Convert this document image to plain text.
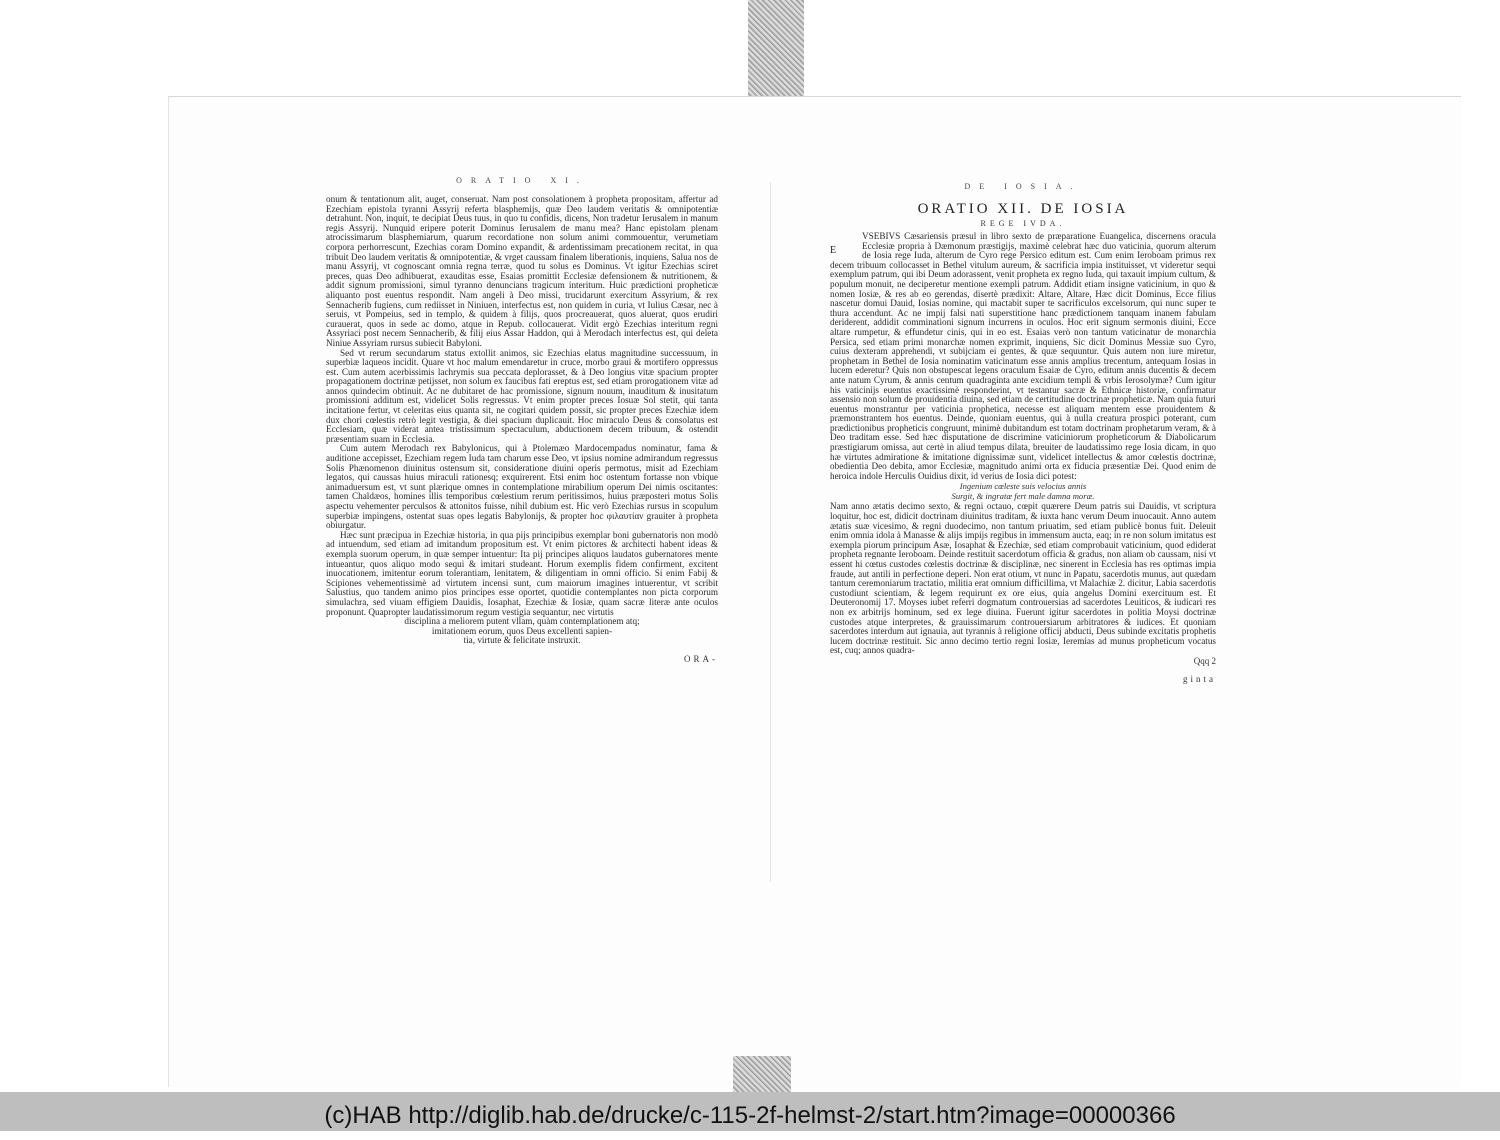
ORATIO XI.

onum & tentationum alit, auget, conseruat. Nam post consolationem à propheta propositam, affertur ad Ezechiam epistola tyranni Assyrij referta blasphemijs, quæ Deo laudem veritatis & omnipotentiæ detrahunt. Non, inquit, te decipiat Deus tuus, in quo tu confidis, dicens, Non tradetur Ierusalem in manum regis Assyrij. Nunquid eripere poterit Dominus Ierusalem de manu mea? Hanc epistolam plenam atrocissimarum blasphemiarum, quarum recordatione non solum animi commouentur, verumetiam corpora perhorrescunt, Ezechias coram Domino expandit, & ardentissimam precationem recitat, in qua tribuit Deo laudem veritatis & omnipotentiæ, & vrget caussam finalem liberationis, inquiens, Salua nos de manu Assyrij, vt cognoscant omnia regna terræ, quod tu solus es Dominus. Vt igitur Ezechias sciret preces, quas Deo adhibuerat, exauditas esse, Esaias promittit Ecclesiæ defensionem & nutritionem, & addit signum promissioni, simul tyranno denuncians tragicum interitum. Huic prædictioni propheticæ aliquanto post euentus respondit. Nam angeli à Deo missi, trucidarunt exercitum Assyrium, & rex Sennacherib fugiens, cum rediisset in Niniuen, interfectus est, non quidem in curia, vt Iulius Cæsar, nec à seruis, vt Pompeius, sed in templo, & quidem à filijs, quos procreauerat, quos aluerat, quos erudiri curauerat, quos in sede ac domo, atque in Repub. collocauerat. Vidit ergò Ezechias interitum regni Assyriaci post necem Sennacherib, & filij eius Assar Haddon, qui à Merodach interfectus est, qui deleta Niniue Assyriam rursus subiecit Babyloni.

Sed vt rerum secundarum status extollit animos, sic Ezechias elatus magnitudine successuum, in superbiæ laqueos incidit. Quare vt hoc malum emendaretur in cruce, morbo graui & mortifero oppressus est. Cum autem acerbissimis lachrymis sua peccata deplorasset, & à Deo longius vitæ spacium propter propagationem doctrinæ petijsset, non solum ex faucibus fati ereptus est, sed etiam prorogationem vitæ ad annos quindecim obtinuit. Ac ne dubitaret de hac promissione, signum nouum, inauditum & inusitatum promissioni additum est, videlicet Solis regressus. Vt enim propter preces Iosuæ Sol stetit, qui tanta incitatione fertur, vt celeritas eius quanta sit, ne cogitari quidem possit, sic propter preces Ezechiæ idem dux chori cœlestis retrò legit vestigia, & diei spacium duplicauit. Hoc miraculo Deus & consolatus est Ecclesiam, quæ viderat antea tristissimum spectaculum, abductionem decem tribuum, & ostendit præsentiam suam in Ecclesia.

Cum autem Merodach rex Babylonicus, qui à Ptolemæo Mardocempadus nominatur, fama & auditione accepisset, Ezechiam regem Iuda tam charum esse Deo, vt ipsius nomine admirandum regressus Solis Phænomenon diuinitus ostensum sit, consideratione diuini operis permotus, misit ad Ezechiam legatos, qui caussas huius miraculi rationesq; exquirerent. Etsi enim hoc ostentum fortasse non vbique animaduersum est, vt sunt plærique omnes in contemplatione mirabilium operum Dei nimis oscitantes: tamen Chaldæos, homines illis temporibus cœlestium rerum peritissimos, huius præposteri motus Solis aspectu vehementer perculsos & attonitos fuisse, nihil dubium est. Hic verò Ezechias rursus in scopulum superbiæ impingens, ostentat suas opes legatis Babylonijs, & propter hoc φιλαυτίαν grauiter à propheta obiurgatur.

Hæc sunt præcipua in Ezechiæ historia, in qua pijs principibus exemplar boni gubernatoris non modò ad intuendum, sed etiam ad imitandum propositum est. Vt enim pictores & architecti habent ideas & exempla suorum operum, in quæ semper intuentur: Ita pij principes aliquos laudatos gubernatores mente intueantur, quos aliquo modo sequi & imitari studeant. Horum exemplis fidem confirment, excitent inuocationem, imitentur eorum tolerantiam, lenitatem, & diligentiam in omni officio. Si enim Fabij & Scipiones vehementissimè ad virtutem incensi sunt, cum maiorum imagines intuerentur, vt scribit Salustius, quo tandem animo pios principes esse oportet, quotidie contemplantes non picta corporum simulachra, sed viuam effigiem Dauidis, Iosaphat, Ezechiæ & Iosiæ, quam sacræ literæ ante oculos proponunt. Quapropter laudatissimorum regum vestigia sequantur, nec virtutis

disciplina a meliorem putent vllam, quàm contemplationem atq;
imitationem eorum, quos Deus excellenti sapien-
tia, virtute & felicitate instruxit.
ORA-
DE IOSIA.
ORATIO XII. DE IOSIA
REGE IVDA.
E

VSEBIVS Cæsariensis præsul in libro sexto de præparatione Euangelica, discernens oracula Ecclesiæ propria à Dæmonum præstigijs, maximè celebrat hæc duo vaticinia, quorum alterum de Iosia rege Iuda, alterum de Cyro rege Persico editum est. Cum enim Ieroboam primus rex decem tribuum collocasset in Bethel vitulum aureum, & sacrificia impia instituisset, vt videretur sequi exemplum patrum, qui ibi Deum adorassent, venit propheta ex regno Iuda, qui taxauit impium cultum, & populum monuit, ne deciperetur mentione exempli patrum. Addidit etiam insigne vaticinium, in quo & nomen Iosiæ, & res ab eo gerendas, disertè prædixit: Altare, Altare, Hæc dicit Dominus, Ecce filius nascetur domui Dauid, Iosias nomine, qui mactabit super te sacrificulos excelsorum, qui nunc super te thura accendunt. Ac ne impij falsi nati superstitione hanc prædictionem tanquam inanem fabulam deriderent, addidit comminationi signum incurrens in oculos. Hoc erit signum sermonis diuini, Ecce altare rumpetur, & effundetur cinis, qui in eo est. Esaias verò non tantum vaticinatur de monarchia Persica, sed etiam primi monarchæ nomen exprimit, inquiens, Sic dicit Dominus Messiæ suo Cyro, cuius dexteram apprehendi, vt subijciam ei gentes, & quæ sequuntur. Quis autem non iure miretur, prophetam in Bethel de Iosia nominatim vaticinatum esse annis amplius trecentum, antequam Iosias in lucem ederetur? Quis non obstupescat legens oraculum Esaiæ de Cyro, editum annis ducentis & decem ante natum Cyrum, & annis centum quadraginta ante excidium templi & vrbis Ierosolymæ? Cum igitur his vaticinijs euentus exactissimè responderint, vt testantur sacræ & Ethnicæ historiæ, confirmatur assensio non solum de prouidentia diuina, sed etiam de certitudine doctrinæ propheticæ. Nam quia futuri euentus monstrantur per vaticinia prophetica, necesse est aliquam mentem esse prouidentem & præmonstrantem hos euentus. Deinde, quoniam euentus, qui à nulla creatura prospici poterant, cum prædictionibus propheticis congruunt, minimè dubitandum est totam doctrinam prophetarum veram, & à Deo traditam esse. Sed hæc disputatione de discrimine vaticiniorum propheticorum & Diabolicarum præstigiarum omissa, aut certè in aliud tempus dilata, breuiter de laudatissimo rege Iosia dicam, in quo hæ virtutes admiratione & imitatione dignissimæ sunt, videlicet intellectus & amor cœlestis doctrinæ, obedientia Deo debita, amor Ecclesiæ, magnitudo animi orta ex fiducia præsentiæ Dei. Quod enim de heroica indole Herculis Ouidius dixit, id verius de Iosia dici potest:

Ingenium cœleste suis velocius annis
Surgit, & ingratæ fert male damna moræ.

Nam anno ætatis decimo sexto, & regni octauo, cœpit quærere Deum patris sui Dauidis, vt scriptura loquitur, hoc est, didicit doctrinam diuinitus traditam, & iuxta hanc verum Deum inuocauit. Anno autem ætatis suæ vicesimo, & regni duodecimo, non tantum priuatim, sed etiam publicè bonus fuit. Deleuit enim omnia idola à Manasse & alijs impijs regibus in immensum aucta, eaq; in re non solum imitatus est exempla piorum principum Asæ, Iosaphat & Ezechiæ, sed etiam comprobauit vaticinium, quod ediderat propheta regnante Ieroboam. Deinde restituit sacerdotum officia & gradus, non aliam ob caussam, nisi vt essent hi cœtus custodes cœlestis doctrinæ & disciplinæ, nec sinerent in Ecclesia has res optimas impia fraude, aut antili in perfectione deperi. Non erat otium, vt nunc in Papatu, sacerdotis munus, aut quædam tantum ceremoniarum tractatio, militia erat omnium difficillima, vt Malachiæ 2. dicitur, Labia sacerdotis custodiunt scientiam, & legem requirunt ex ore eius, quia angelus Domini exercituum est. Et Deuteronomij 17. Moyses iubet referri dogmatum controuersias ad sacerdotes Leuiticos, & iudicari res non ex arbitrijs hominum, sed ex lege diuina. Fuerunt igitur sacerdotes in politia Moysi doctrinæ custodes atque interpretes, & grauissimarum controuersiarum arbitratores & iudices. Et quoniam sacerdotes interdum aut ignauia, aut tyrannis à religione officij abducti, Deus subinde excitatis prophetis lucem doctrinæ restituit. Sic anno decimo tertio regni Iosiæ, Ieremias ad munus propheticum vocatus est, cuq; annos quadra-

Qqq 2
ginta
(c)HAB http://diglib.hab.de/drucke/c-115-2f-helmst-2/start.htm?image=00000366
